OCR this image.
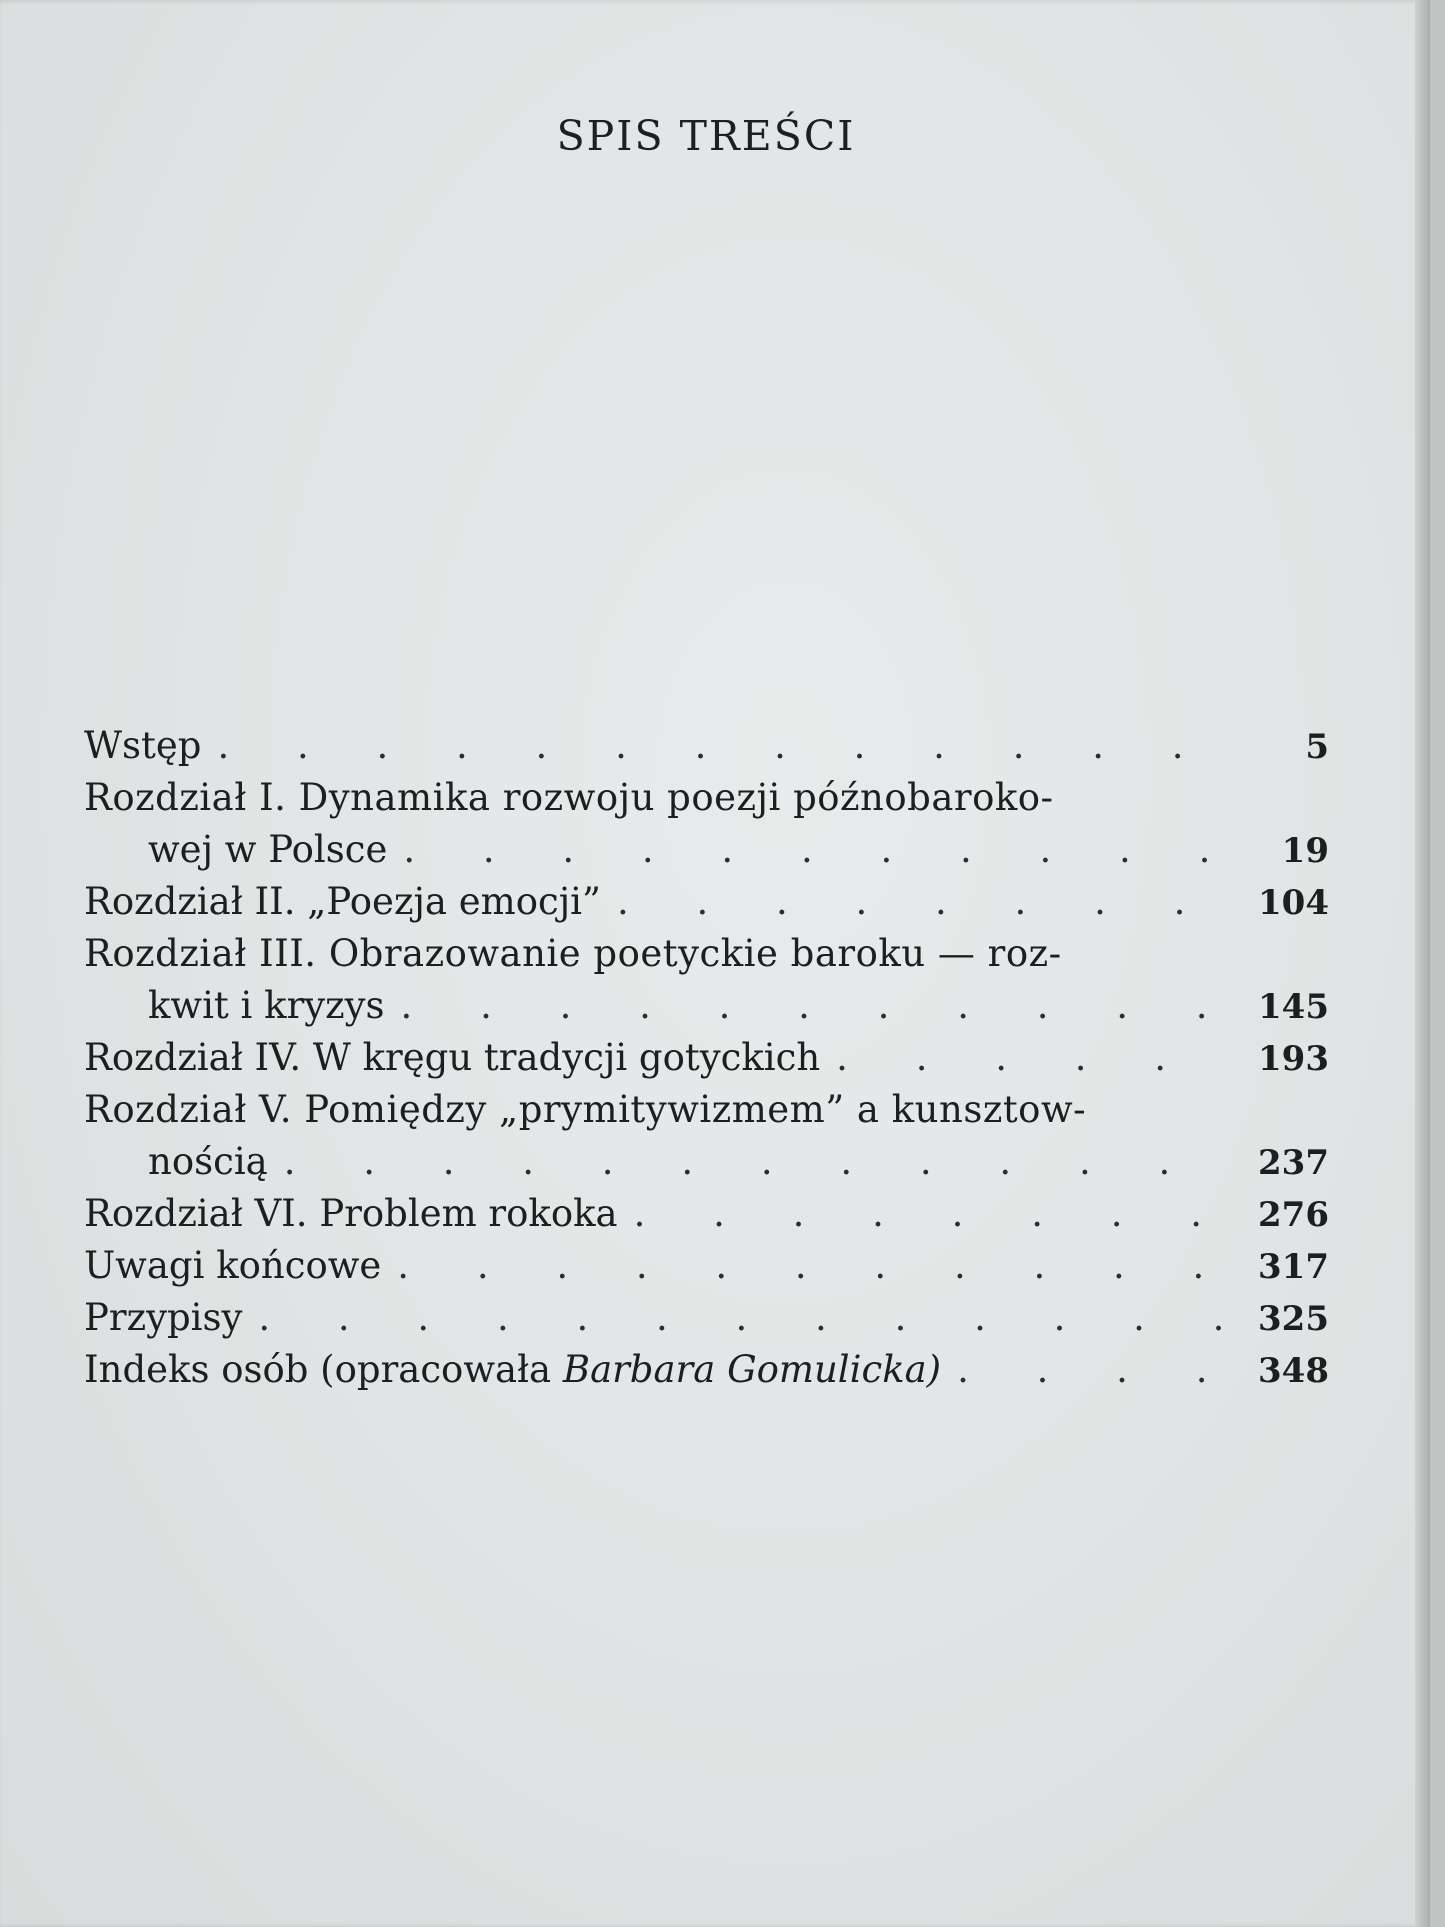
SPIS TREŚCI
Wstęp . . .	5
Rozdział I. Dynamika rozwoju poezji późnobaroko-
wej w Polsce . . .	19
Rozdział II. „Poezja emocji” . . .	104
Rozdział III. Obrazowanie poetyckie baroku — roz-
kwit i kryzys . . .	145
Rozdział IV. W kręgu tradycji gotyckich . . .	193
Rozdział V. Pomiędzy „prymitywizmem” a kunsztow-
nością . . .	237
Rozdział VI. Problem rokoka . . .	276
Uwagi końcowe . . .	317
Przypisy . . .	325
Indeks osób (opracowała Barbara Gomulicka) . . .	348
